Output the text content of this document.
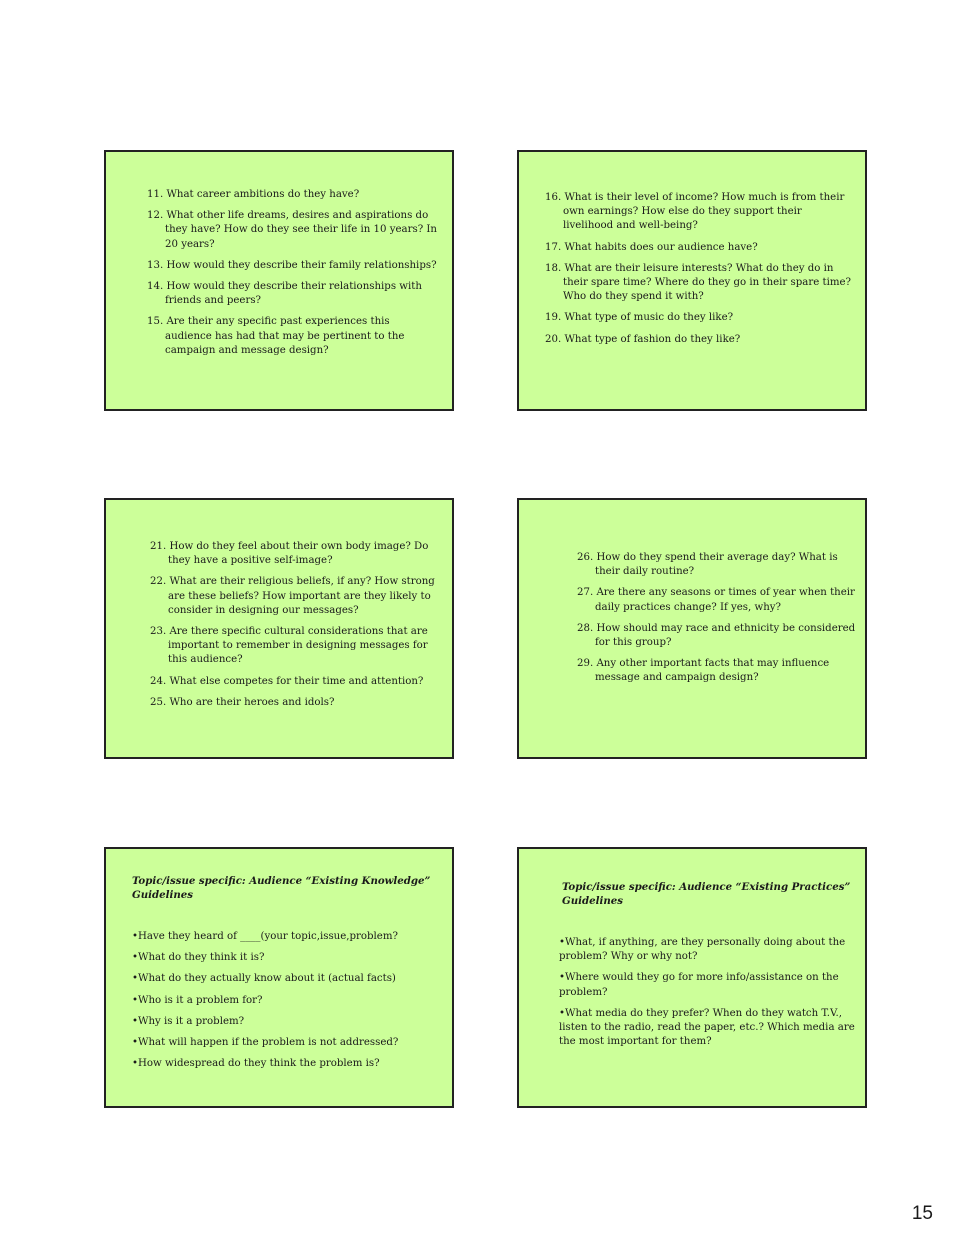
11. What career ambitions do they have?
12. What other life dreams, desires and aspirations do they have? How do they see their life in 10 years? In 20 years?
13. How would they describe their family relationships?
14. How would they describe their relationships with friends and peers?
15. Are their any specific past experiences this audience has had that may be pertinent to the campaign and message design?
16. What is their level of income? How much is from their own earnings? How else do they support their livelihood and well-being?
17. What habits does our audience have?
18. What are their leisure interests? What do they do in their spare time? Where do they go in their spare time? Who do they spend it with?
19. What type of music do they like?
20. What type of fashion do they like?
21. How do they feel about their own body image? Do they have a positive self-image?
22. What are their religious beliefs, if any? How strong are these beliefs? How important are they likely to consider in designing our messages?
23. Are there specific cultural considerations that are important to remember in designing messages for this audience?
24. What else competes for their time and attention?
25. Who are their heroes and idols?
26. How do they spend their average day? What is their daily routine?
27. Are there any seasons or times of year when their daily practices change? If yes, why?
28. How should may race and ethnicity be considered for this group?
29. Any other important facts that may influence message and campaign design?

Topic/issue specific: Audience “Existing Knowledge” Guidelines

•Have they heard of ____(your topic,issue,problem?
•What do they think it is?
•What do they actually know about it (actual facts)
•Who is it a problem for?
•Why is it a problem?
•What will happen if the problem is not addressed?
•How widespread do they think the problem is?

Topic/issue specific: Audience “Existing Practices” Guidelines

•What, if anything, are they personally doing about the problem? Why or why not?
•Where would they go for more info/assistance on the problem?
•What media do they prefer? When do they watch T.V., listen to the radio, read the paper, etc.? Which media are the most important for them?
15
